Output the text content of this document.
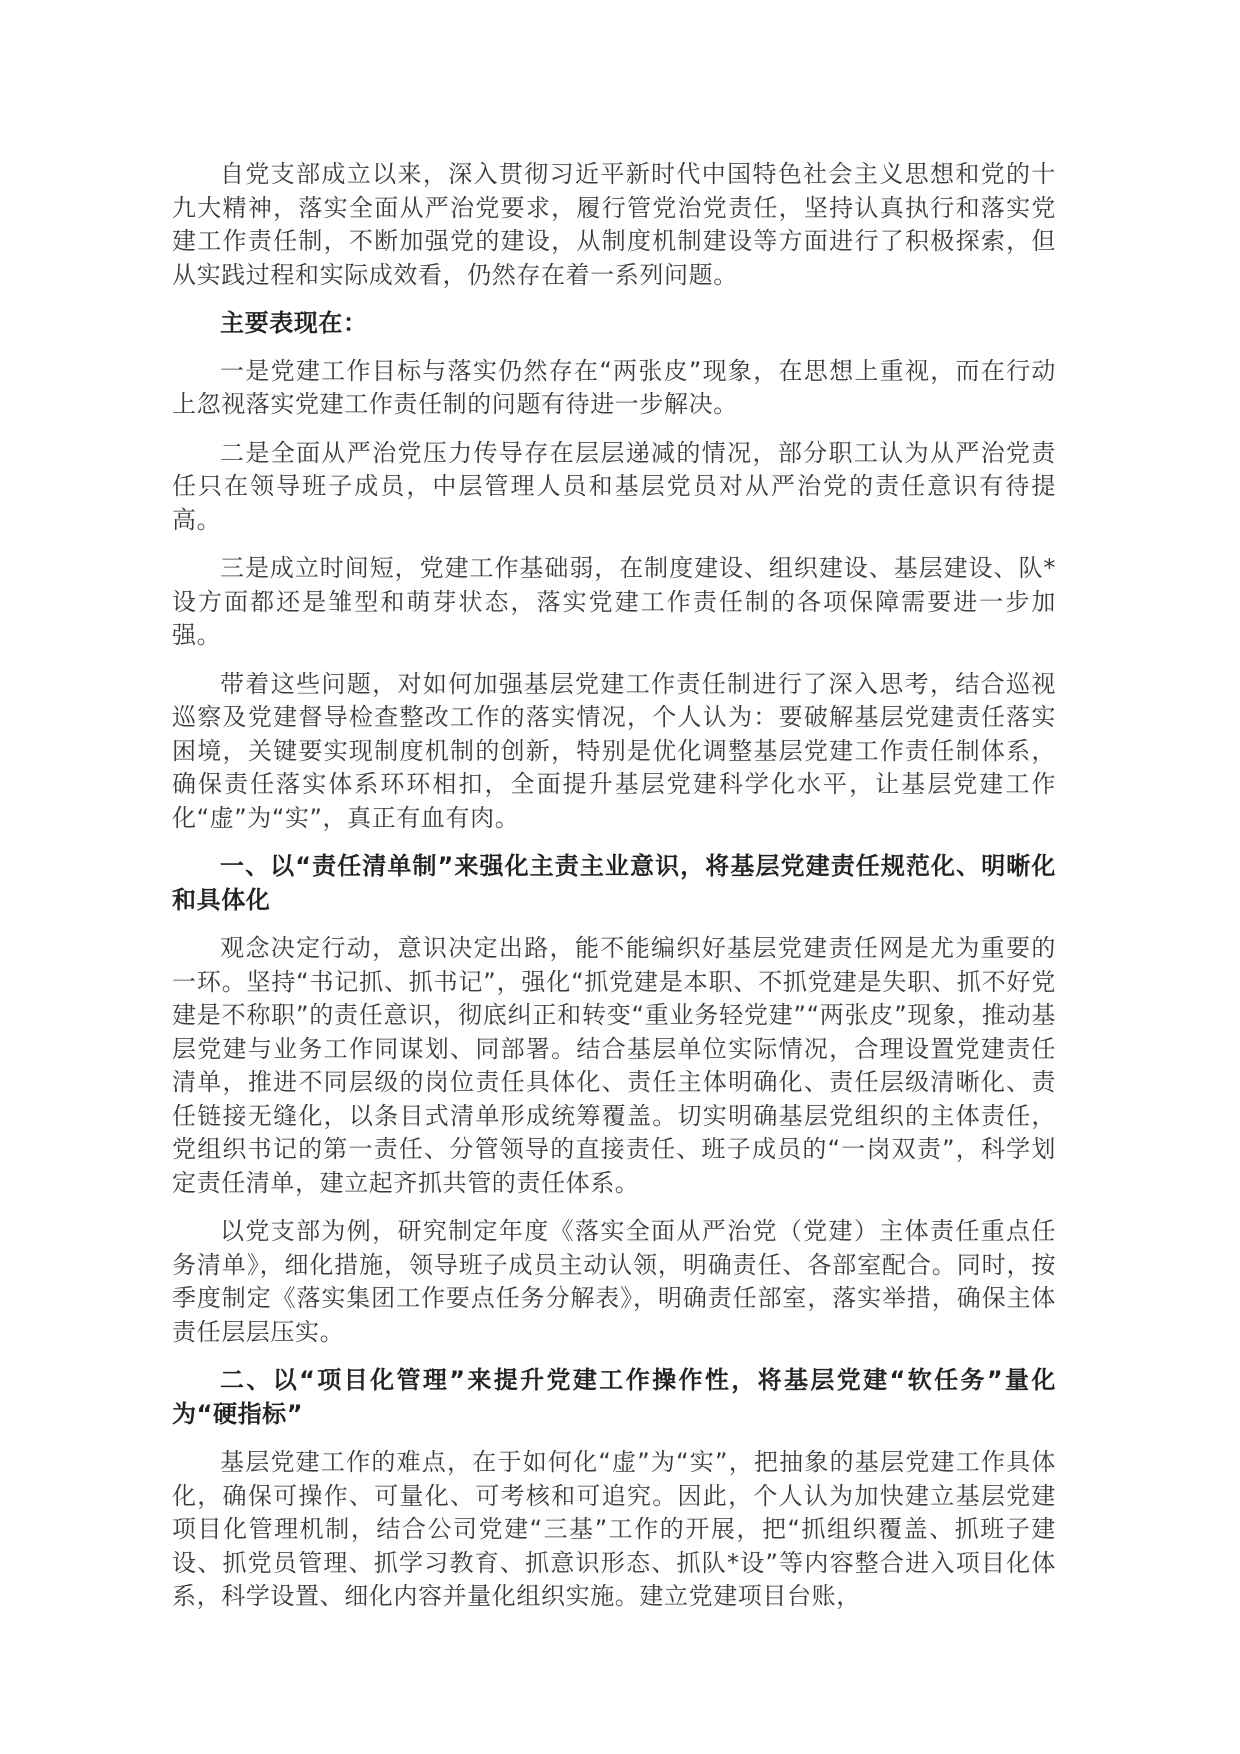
自党支部成立以来，深入贯彻习近平新时代中国特色社会主义思想和党的十九大精神，落实全面从严治党要求，履行管党治党责任，坚持认真执行和落实党建工作责任制，不断加强党的建设，从制度机制建设等方面进行了积极探索，但从实践过程和实际成效看，仍然存在着一系列问题。

主要表现在：

一是党建工作目标与落实仍然存在“两张皮”现象，在思想上重视，而在行动上忽视落实党建工作责任制的问题有待进一步解决。

二是全面从严治党压力传导存在层层递减的情况，部分职工认为从严治党责任只在领导班子成员，中层管理人员和基层党员对从严治党的责任意识有待提高。

三是成立时间短，党建工作基础弱，在制度建设、组织建设、基层建设、队*设方面都还是雏型和萌芽状态，落实党建工作责任制的各项保障需要进一步加强。

带着这些问题，对如何加强基层党建工作责任制进行了深入思考，结合巡视巡察及党建督导检查整改工作的落实情况，个人认为：要破解基层党建责任落实困境，关键要实现制度机制的创新，特别是优化调整基层党建工作责任制体系，确保责任落实体系环环相扣，全面提升基层党建科学化水平，让基层党建工作化“虚”为“实”，真正有血有肉。

一、以“责任清单制”来强化主责主业意识，将基层党建责任规范化、明晰化和具体化

观念决定行动，意识决定出路，能不能编织好基层党建责任网是尤为重要的一环。坚持“书记抓、抓书记”，强化“抓党建是本职、不抓党建是失职、抓不好党建是不称职”的责任意识，彻底纠正和转变“重业务轻党建”“两张皮”现象，推动基层党建与业务工作同谋划、同部署。结合基层单位实际情况，合理设置党建责任清单，推进不同层级的岗位责任具体化、责任主体明确化、责任层级清晰化、责任链接无缝化，以条目式清单形成统筹覆盖。切实明确基层党组织的主体责任，党组织书记的第一责任、分管领导的直接责任、班子成员的“一岗双责”，科学划定责任清单，建立起齐抓共管的责任体系。

以党支部为例，研究制定年度《落实全面从严治党（党建）主体责任重点任务清单》，细化措施，领导班子成员主动认领，明确责任、各部室配合。同时，按季度制定《落实集团工作要点任务分解表》，明确责任部室，落实举措，确保主体责任层层压实。

二、以“项目化管理”来提升党建工作操作性，将基层党建“软任务”量化为“硬指标”

基层党建工作的难点，在于如何化“虚”为“实”，把抽象的基层党建工作具体化，确保可操作、可量化、可考核和可追究。因此，个人认为加快建立基层党建项目化管理机制，结合公司党建“三基”工作的开展，把“抓组织覆盖、抓班子建设、抓党员管理、抓学习教育、抓意识形态、抓队*设”等内容整合进入项目化体系，科学设置、细化内容并量化组织实施。建立党建项目台账，
